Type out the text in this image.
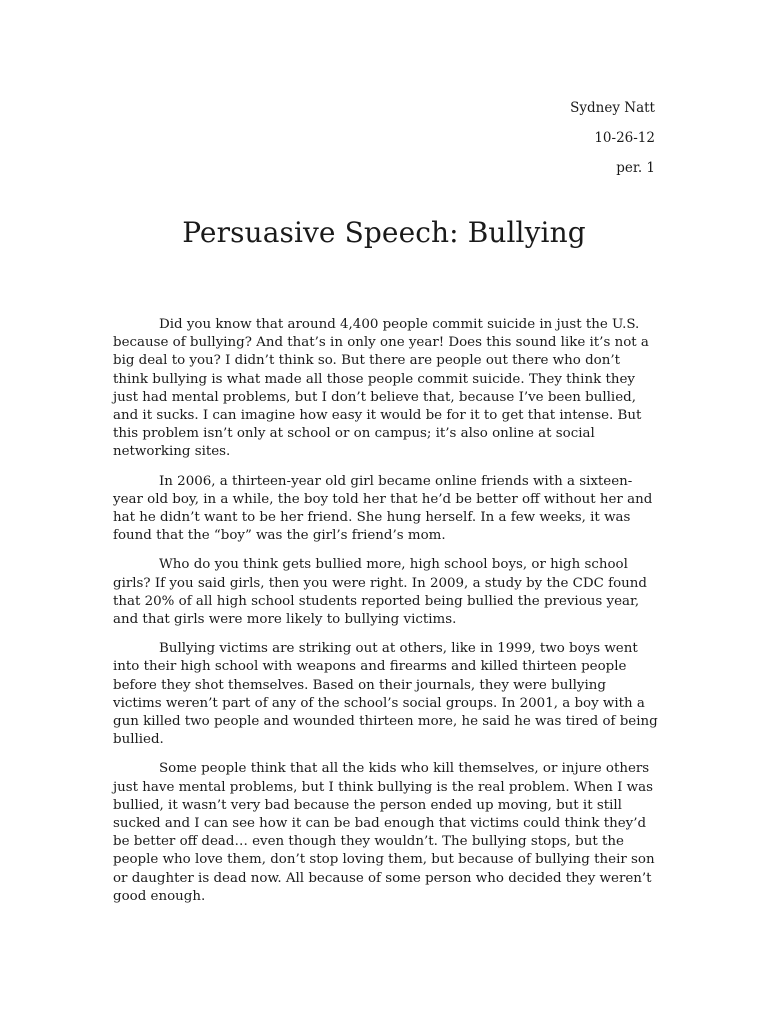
Sydney Natt
10-26-12
per. 1
Persuasive Speech: Bullying

Did you know that around 4,400 people commit suicide in just the U.S. because of bullying? And that’s in only one year! Does this sound like it’s not a big deal to you? I didn’t think so. But there are people out there who don’t think bullying is what made all those people commit suicide. They think they just had mental problems, but I don’t believe that, because I’ve been bullied, and it sucks. I can imagine how easy it would be for it to get that intense. But this problem isn’t only at school or on campus; it’s also online at social networking sites.

In 2006, a thirteen-year old girl became online friends with a sixteen-year old boy, in a while, the boy told her that he’d be better off without her and hat he didn’t want to be her friend. She hung herself. In a few weeks, it was found that the “boy” was the girl’s friend’s mom.

Who do you think gets bullied more, high school boys, or high school girls? If you said girls, then you were right. In 2009, a study by the CDC found that 20% of all high school students reported being bullied the previous year, and that girls were more likely to bullying victims.

Bullying victims are striking out at others, like in 1999, two boys went into their high school with weapons and firearms and killed thirteen people before they shot themselves. Based on their journals, they were bullying victims weren’t part of any of the school’s social groups. In 2001, a boy with a gun killed two people and wounded thirteen more, he said he was tired of being bullied.

Some people think that all the kids who kill themselves, or injure others just have mental problems, but I think bullying is the real problem. When I was bullied, it wasn’t very bad because the person ended up moving, but it still sucked and I can see how it can be bad enough that victims could think they’d be better off dead… even though they wouldn’t. The bullying stops, but the people who love them, don’t stop loving them, but because of bullying their son or daughter is dead now. All because of some person who decided they weren’t good enough.
